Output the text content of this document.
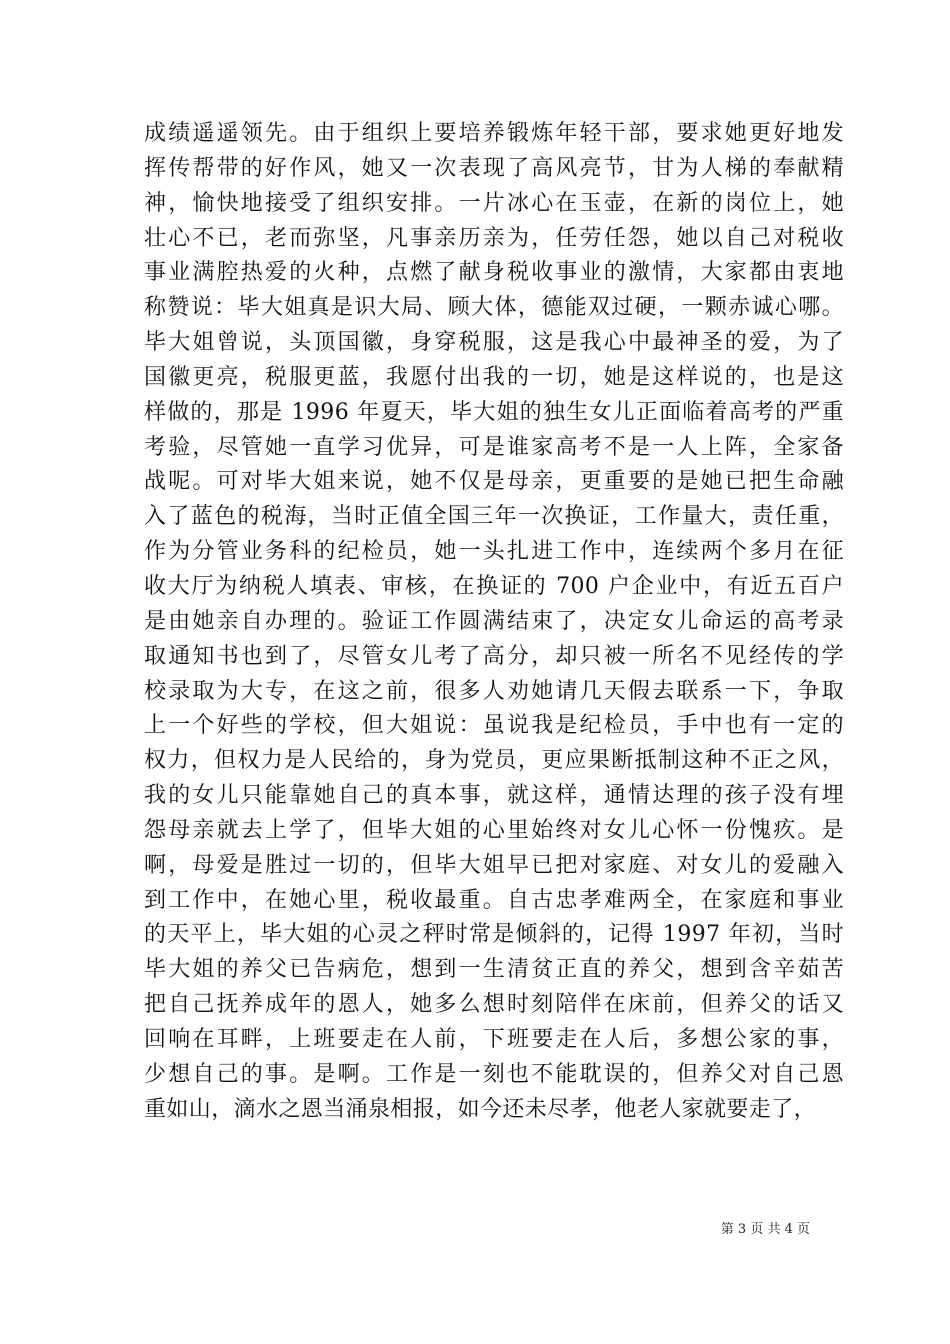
成绩遥遥领先。由于组织上要培养锻炼年轻干部，要求她更好地发
挥传帮带的好作风，她又一次表现了高风亮节，甘为人梯的奉献精
神，愉快地接受了组织安排。一片冰心在玉壶，在新的岗位上，她
壮心不已，老而弥坚，凡事亲历亲为，任劳任怨，她以自己对税收
事业满腔热爱的火种，点燃了献身税收事业的激情，大家都由衷地
称赞说：毕大姐真是识大局、顾大体，德能双过硬，一颗赤诚心哪。
毕大姐曾说，头顶国徽，身穿税服，这是我心中最神圣的爱，为了
国徽更亮，税服更蓝，我愿付出我的一切，她是这样说的，也是这
样做的，那是 1996 年夏天，毕大姐的独生女儿正面临着高考的严重
考验，尽管她一直学习优异，可是谁家高考不是一人上阵，全家备
战呢。可对毕大姐来说，她不仅是母亲，更重要的是她已把生命融
入了蓝色的税海，当时正值全国三年一次换证，工作量大，责任重，
作为分管业务科的纪检员，她一头扎进工作中，连续两个多月在征
收大厅为纳税人填表、审核，在换证的 700 户企业中，有近五百户
是由她亲自办理的。验证工作圆满结束了，决定女儿命运的高考录
取通知书也到了，尽管女儿考了高分，却只被一所名不见经传的学
校录取为大专，在这之前，很多人劝她请几天假去联系一下，争取
上一个好些的学校，但大姐说：虽说我是纪检员，手中也有一定的
权力，但权力是人民给的，身为党员，更应果断抵制这种不正之风，
我的女儿只能靠她自己的真本事，就这样，通情达理的孩子没有埋
怨母亲就去上学了，但毕大姐的心里始终对女儿心怀一份愧疚。是
啊，母爱是胜过一切的，但毕大姐早已把对家庭、对女儿的爱融入
到工作中，在她心里，税收最重。自古忠孝难两全，在家庭和事业
的天平上，毕大姐的心灵之秤时常是倾斜的，记得 1997 年初，当时
毕大姐的养父已告病危，想到一生清贫正直的养父，想到含辛茹苦
把自己抚养成年的恩人，她多么想时刻陪伴在床前，但养父的话又
回响在耳畔，上班要走在人前，下班要走在人后，多想公家的事，
少想自己的事。是啊。工作是一刻也不能耽误的，但养父对自己恩
重如山，滴水之恩当涌泉相报，如今还未尽孝，他老人家就要走了，
第 3 页 共 4 页
